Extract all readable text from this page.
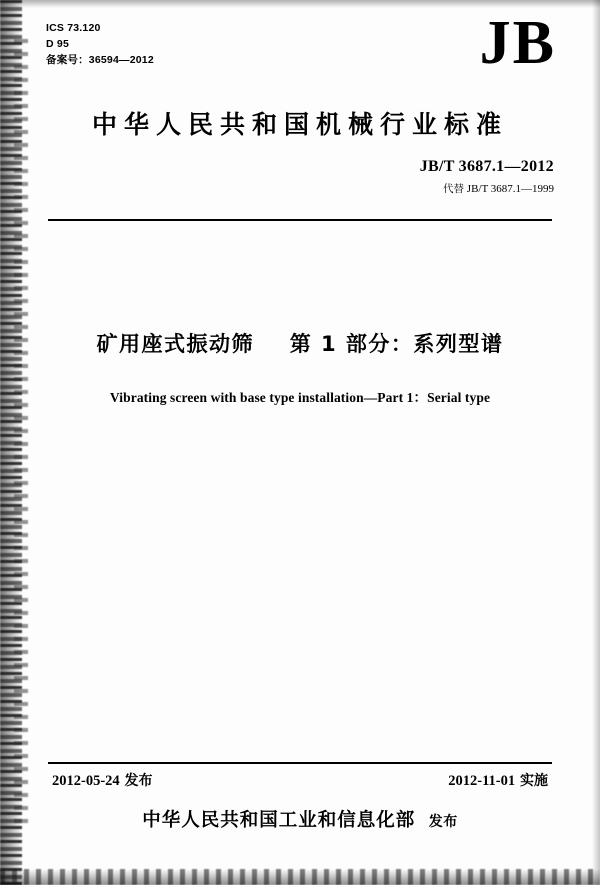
ICS 73.120
D 95
备案号：36594—2012	JB
中华人民共和国机械行业标准
JB/T 3687.1—2012
代替 JB/T 3687.1—1999
矿用座式振动筛 第 1 部分：系列型谱
Vibrating screen with base type installation—Part 1：Serial type
2012-05-24 发布	2012-11-01 实施
中华人民共和国工业和信息化部 发布
